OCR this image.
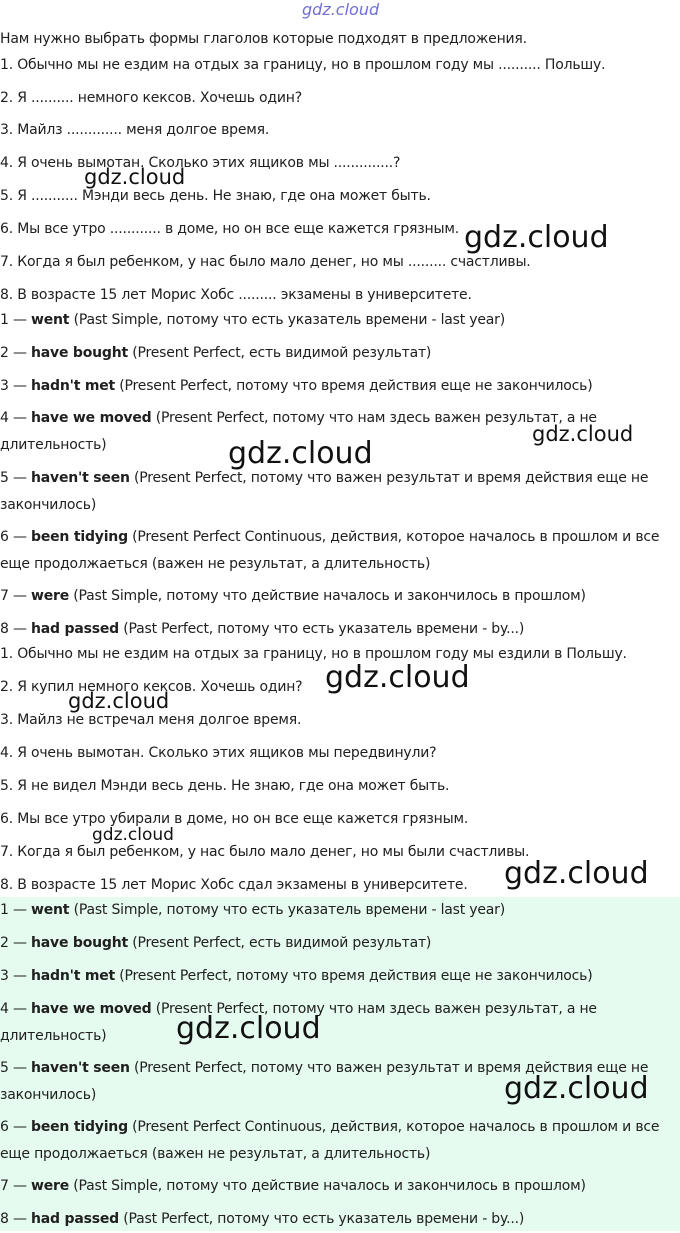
gdz.cloud
Нам нужно выбрать формы глаголов которые подходят в предложения.
1. Обычно мы не ездим на отдых за границу, но в прошлом году мы .......... Польшу.
2. Я .......... немного кексов. Хочешь один?
3. Майлз ............. меня долгое время.
4. Я очень вымотан. Сколько этих ящиков мы ..............?
5. Я ........... Мэнди весь день. Не знаю, где она может быть.
6. Мы все утро ............ в доме, но он все еще кажется грязным.
7. Когда я был ребенком, у нас было мало денег, но мы ......... счастливы.
8. В возрасте 15 лет Морис Хобс ......... экзамены в университете.
1 — went (Past Simple, потому что есть указатель времени - last year)
2 — have bought (Present Perfect, есть видимой результат)
3 — hadn't met (Present Perfect, потому что время действия еще не закончилось)
4 — have we moved (Present Perfect, потому что нам здесь важен результат, а не длительность)
5 — haven't seen (Present Perfect, потому что важен результат и время действия еще не закончилось)
6 — been tidying (Present Perfect Continuous, действия, которое началось в прошлом и все еще продолжаеться (важен не результат, а длительность)
7 — were (Past Simple, потому что действие началось и закончилось в прошлом)
8 — had passed (Past Perfect, потому что есть указатель времени - by...)
1. Обычно мы не ездим на отдых за границу, но в прошлом году мы ездили в Польшу.
2. Я купил немного кексов. Хочешь один?
3. Майлз не встречал меня долгое время.
4. Я очень вымотан. Сколько этих ящиков мы передвинули?
5. Я не видел Мэнди весь день. Не знаю, где она может быть.
6. Мы все утро убирали в доме, но он все еще кажется грязным.
7. Когда я был ребенком, у нас было мало денег, но мы были счастливы.
8. В возрасте 15 лет Морис Хобс сдал экзамены в университете.
1 — went (Past Simple, потому что есть указатель времени - last year)
2 — have bought (Present Perfect, есть видимой результат)
3 — hadn't met (Present Perfect, потому что время действия еще не закончилось)
4 — have we moved (Present Perfect, потому что нам здесь важен результат, а не длительность)
5 — haven't seen (Present Perfect, потому что важен результат и время действия еще не закончилось)
6 — been tidying (Present Perfect Continuous, действия, которое началось в прошлом и все еще продолжаеться (важен не результат, а длительность)
7 — were (Past Simple, потому что действие началось и закончилось в прошлом)
8 — had passed (Past Perfect, потому что есть указатель времени - by...)
gdz.cloud
gdz.cloud
gdz.cloud
gdz.cloud
gdz.cloud
gdz.cloud
gdz.cloud
gdz.cloud
gdz.cloud
gdz.cloud
